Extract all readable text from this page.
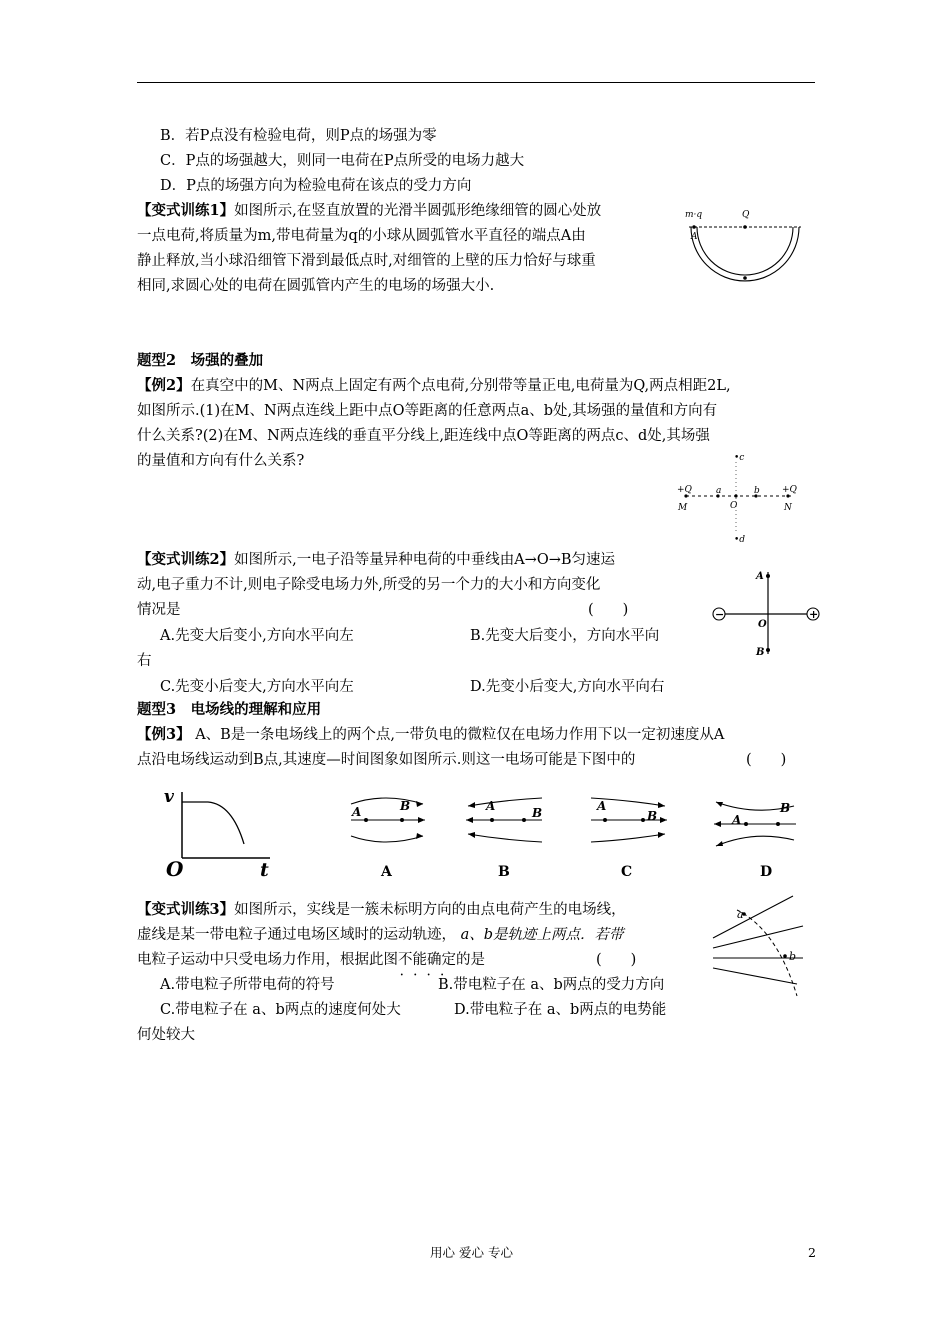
B．若P点没有检验电荷，则P点的场强为零
C．P点的场强越大，则同一电荷在P点所受的电场力越大
D．P点的场强方向为检验电荷在该点的受力方向
【变式训练1】如图所示,在竖直放置的光滑半圆弧形绝缘细管的圆心处放
一点电荷,将质量为m,带电荷量为q的小球从圆弧管水平直径的端点A由
静止释放,当小球沿细管下滑到最低点时,对细管的上壁的压力恰好与球重
相同,求圆心处的电荷在圆弧管内产生的电场的场强大小.
m·q
A
Q
题型2　场强的叠加
【例2】在真空中的M、N两点上固定有两个点电荷,分别带等量正电,电荷量为Q,两点相距2L,
如图所示.(1)在M、N两点连线上距中点O等距离的任意两点a、b处,其场强的量值和方向有
什么关系?(2)在M、N两点连线的垂直平分线上,距连线中点O等距离的两点c、d处,其场强
的量值和方向有什么关系?	•c
+Q	+Q
a	b
M	O	N
•d
【变式训练2】如图所示,一电子沿等量异种电荷的中垂线由A→O→B匀速运
动,电子重力不计,则电子除受电场力外,所受的另一个力的大小和方向变化
情况是	(　　)
A.先变大后变小,方向水平向左	B.先变大后变小，方向水平向
右
C.先变小后变大,方向水平向左	D.先变小后变大,方向水平向右
−	+
A
O
B
题型3　电场线的理解和应用
【例3】 A、B是一条电场线上的两个点,一带负电的微粒仅在电场力作用下以一定初速度从A
点沿电场线运动到B点,其速度—时间图象如图所示.则这一电场可能是下图中的	(　　)
v
O	t
A	B
A
A	B
B
A
B
C
A
B
D
【变式训练3】如图所示，实线是一簇未标明方向的由点电荷产生的电场线，
虚线是某一带电粒子通过电场区域时的运动轨迹， a、b是轨迹上两点．若带
电粒子运动中只受电场力作用，根据此图不能确定 • • • •的是	(　　)
A.带电粒子所带电荷的符号	B.带电粒子在 a、b两点的受力方向
C.带电粒子在 a、b两点的速度何处大	D.带电粒子在 a、b两点的电势能
何处较大
a
b
用心 爱心 专心	2
